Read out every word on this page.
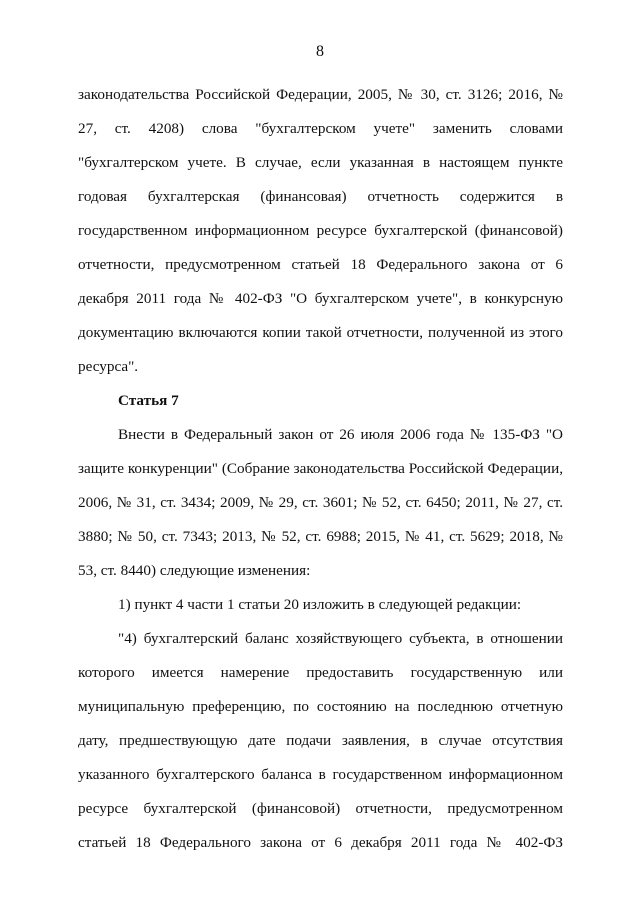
8

законодательства Российской Федерации, 2005, № 30, ст. 3126; 2016, № 27, ст. 4208) слова "бухгалтерском учете" заменить словами "бухгалтерском учете. В случае, если указанная в настоящем пункте годовая бухгалтерская (финансовая) отчетность содержится в государственном информационном ресурсе бухгалтерской (финансовой) отчетности, предусмотренном статьей 18 Федерального закона от 6 декабря 2011 года № 402-ФЗ "О бухгалтерском учете", в конкурсную документацию включаются копии такой отчетности, полученной из этого ресурса".

Статья 7

Внести в Федеральный закон от 26 июля 2006 года № 135-ФЗ "О защите конкуренции" (Собрание законодательства Российской Федерации, 2006, № 31, ст. 3434; 2009, № 29, ст. 3601; № 52, ст. 6450; 2011, № 27, ст. 3880; № 50, ст. 7343; 2013, № 52, ст. 6988; 2015, № 41, ст. 5629; 2018, № 53, ст. 8440) следующие изменения:

1) пункт 4 части 1 статьи 20 изложить в следующей редакции:

"4) бухгалтерский баланс хозяйствующего субъекта, в отношении которого имеется намерение предоставить государственную или муниципальную преференцию, по состоянию на последнюю отчетную дату, предшествующую дате подачи заявления, в случае отсутствия указанного бухгалтерского баланса в государственном информационном ресурсе бухгалтерской (финансовой) отчетности, предусмотренном статьей 18 Федерального закона от 6 декабря 2011 года № 402-ФЗ
